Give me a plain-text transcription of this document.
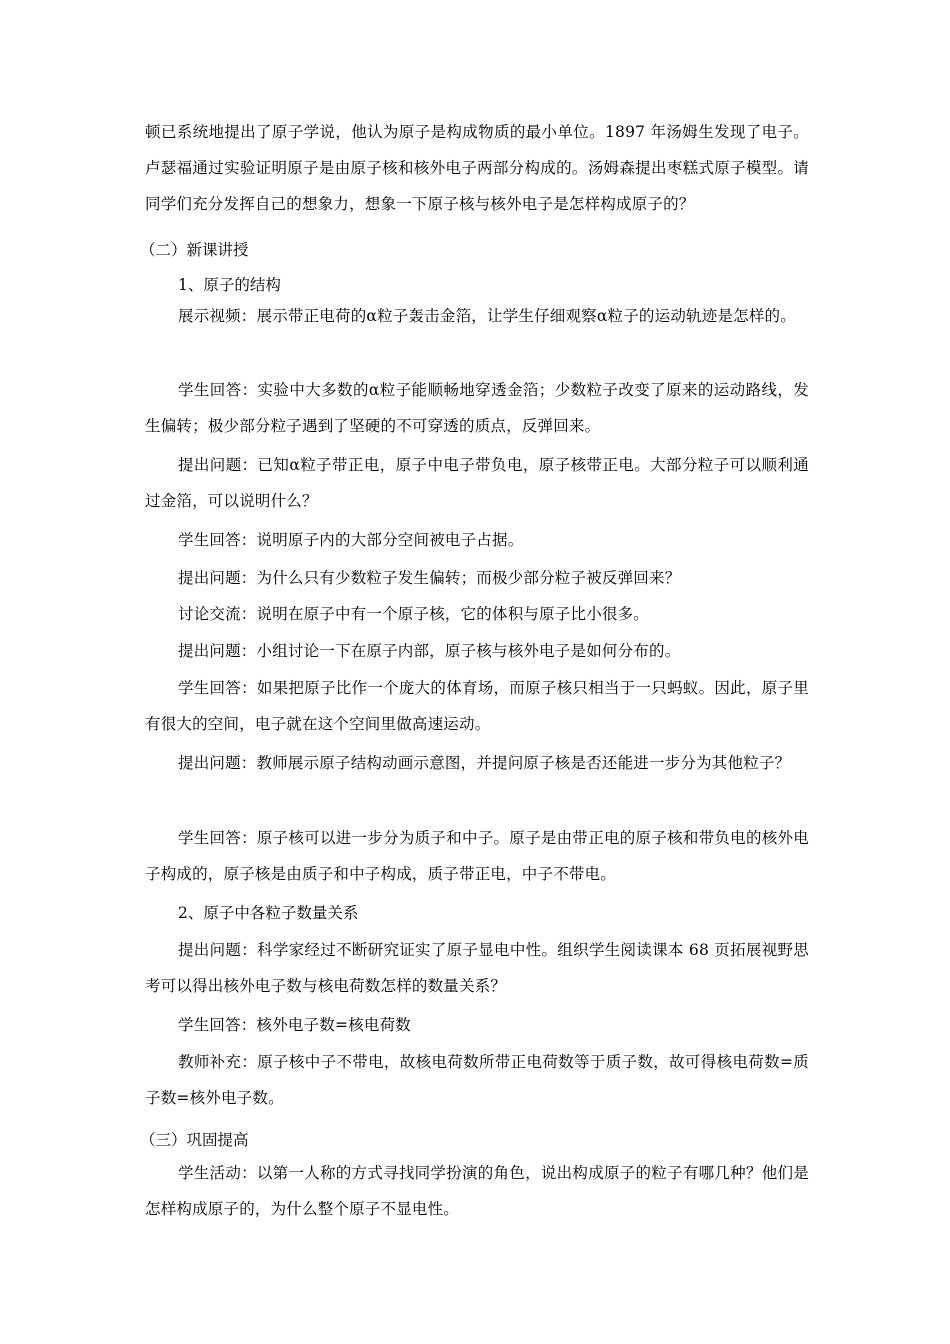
顿已系统地提出了原子学说，他认为原子是构成物质的最小单位。1897 年汤姆生发现了电子。卢瑟福通过实验证明原子是由原子核和核外电子两部分构成的。汤姆森提出枣糕式原子模型。请同学们充分发挥自己的想象力，想象一下原子核与核外电子是怎样构成原子的？

（二）新课讲授

1、原子的结构

展示视频：展示带正电荷的α粒子轰击金箔，让学生仔细观察α粒子的运动轨迹是怎样的。

学生回答：实验中大多数的α粒子能顺畅地穿透金箔；少数粒子改变了原来的运动路线，发生偏转；极少部分粒子遇到了坚硬的不可穿透的质点，反弹回来。

提出问题：已知α粒子带正电，原子中电子带负电，原子核带正电。大部分粒子可以顺利通过金箔，可以说明什么？

学生回答：说明原子内的大部分空间被电子占据。

提出问题：为什么只有少数粒子发生偏转；而极少部分粒子被反弹回来？

讨论交流：说明在原子中有一个原子核，它的体积与原子比小很多。

提出问题：小组讨论一下在原子内部，原子核与核外电子是如何分布的。

学生回答：如果把原子比作一个庞大的体育场，而原子核只相当于一只蚂蚁。因此，原子里有很大的空间，电子就在这个空间里做高速运动。

提出问题：教师展示原子结构动画示意图，并提问原子核是否还能进一步分为其他粒子？

学生回答：原子核可以进一步分为质子和中子。原子是由带正电的原子核和带负电的核外电子构成的，原子核是由质子和中子构成，质子带正电，中子不带电。

2、原子中各粒子数量关系

提出问题：科学家经过不断研究证实了原子显电中性。组织学生阅读课本 68 页拓展视野思考可以得出核外电子数与核电荷数怎样的数量关系？

学生回答：核外电子数=核电荷数

教师补充：原子核中子不带电，故核电荷数所带正电荷数等于质子数，故可得核电荷数=质子数=核外电子数。

（三）巩固提高

学生活动：以第一人称的方式寻找同学扮演的角色，说出构成原子的粒子有哪几种？他们是怎样构成原子的，为什么整个原子不显电性。
